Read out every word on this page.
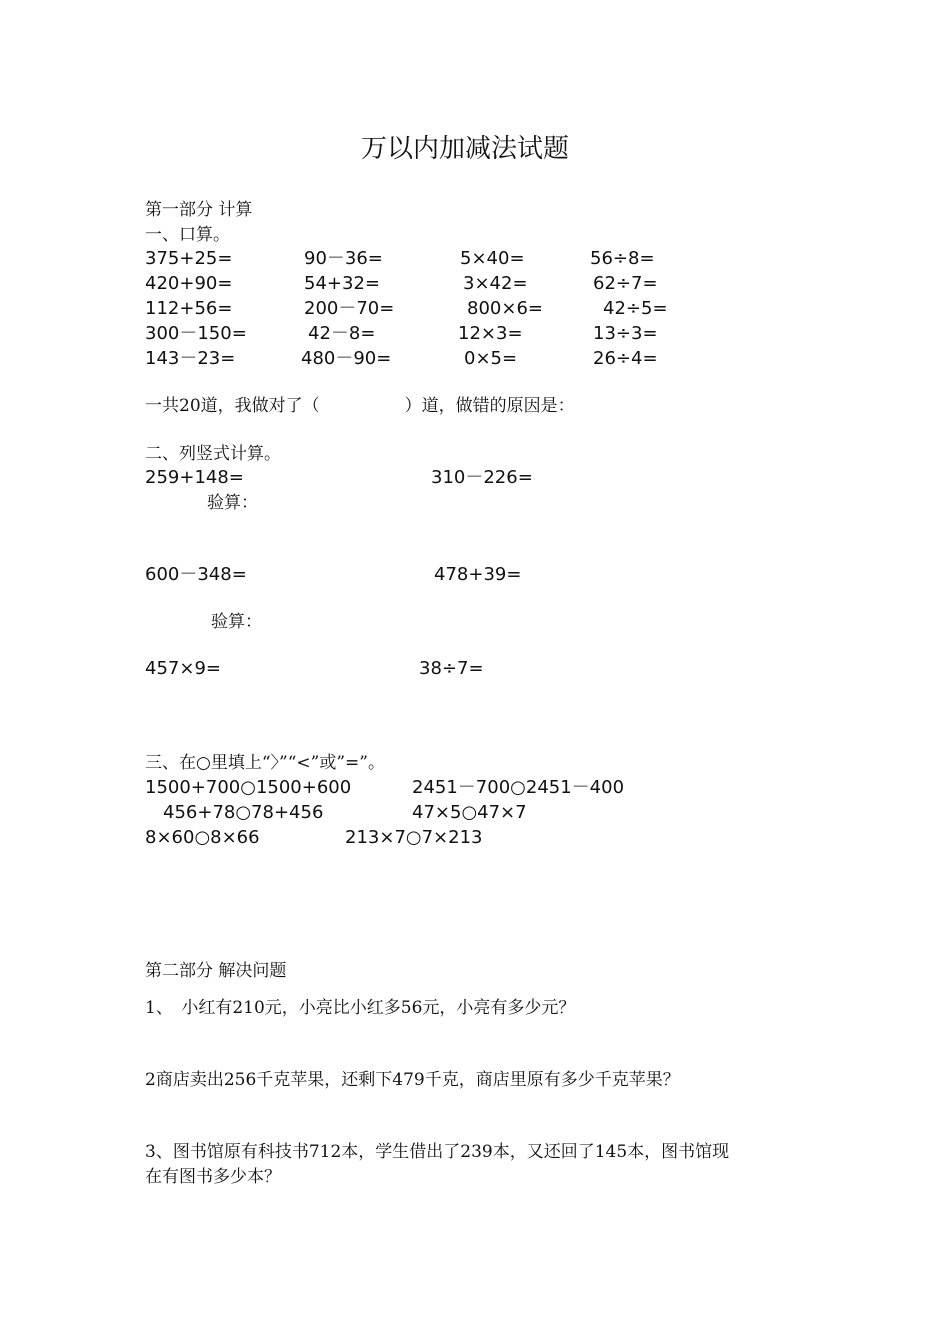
万以内加减法试题
第一部分 计算
一、口算。
375+25=	90－36=	5×40=	56÷8=
420+90=	54+32=	3×42=	62÷7=
112+56=	200－70=	800×6=	42÷5=
300－150=	42－8=	12×3=	13÷3=
143－23=	480－90=	0×5=	26÷4=
一共20道，我做对了（　　　　　）道，做错的原因是：
二、列竖式计算。
259+148=	310－226=
验算：
600－348=	478+39=
验算：
457×9=	38÷7=
三、在○里填上“〉”“<”或”=”。
1500+700○1500+600	2451－700○2451－400
456+78○78+456	47×5○47×7
8×60○8×66	213×7○7×213
第二部分 解决问题
1、　小红有210元，小亮比小红多56元，小亮有多少元？
2商店卖出256千克苹果，还剩下479千克，商店里原有多少千克苹果？
3、图书馆原有科技书712本，学生借出了239本，又还回了145本，图书馆现
在有图书多少本？
